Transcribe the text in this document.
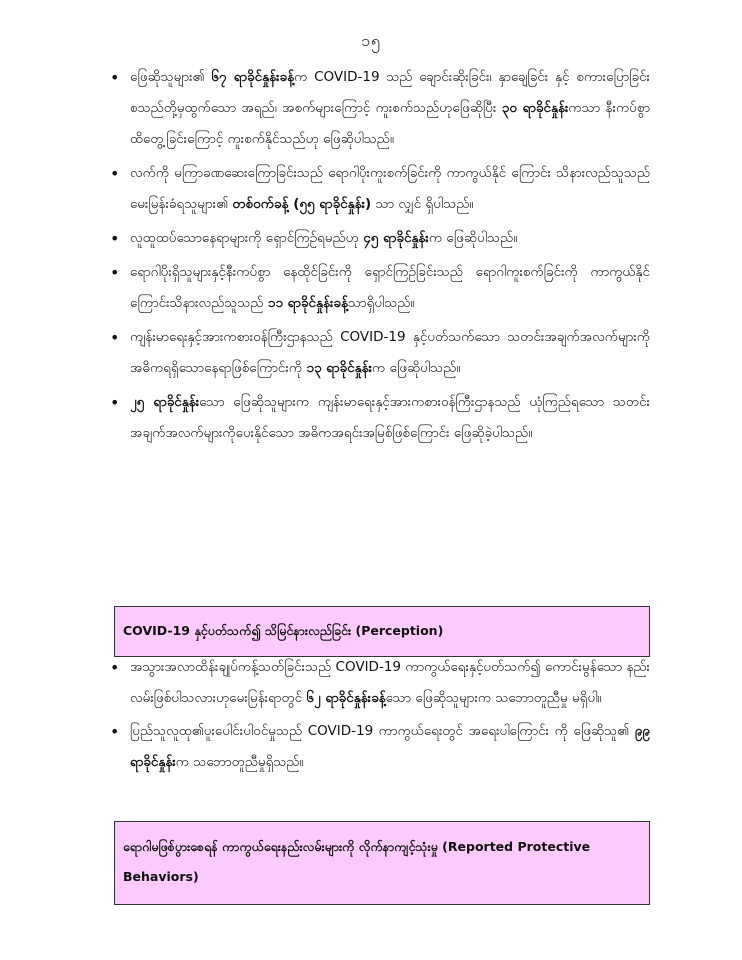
၁၅
• ဖြေဆိုသူများ၏ ၆၇ ရာခိုင်နှုန်းခန့်က COVID-19 သည် ချောင်းဆိုးခြင်း၊ နှာချေခြင်း နှင့် စကားပြောခြင်းစသည်တို့မှထွက်သော အရည်၊ အစက်များကြောင့် ကူးစက်သည်ဟုဖြေဆိုပြီး ၃၀ ရာခိုင်နှုန်းကသာ နီးကပ်စွာထိတွေ့ခြင်းကြောင့် ကူးစက်နိုင်သည်ဟု ဖြေဆိုပါသည်။
• လက်ကို မကြာခဏဆေးကြောခြင်းသည် ရောဂါပိုးကူးစက်ခြင်းကို ကာကွယ်နိုင် ကြောင်း သိနားလည်သူသည် မေးမြန်းခံရသူများ၏ တစ်ဝက်ခန့် (၅၅ ရာခိုင်နှုန်း) သာ လျှင် ရှိပါသည်။
• လူထူထပ်သောနေရာများကို ရှောင်ကြဉ်ရမည်ဟု ၄၅ ရာခိုင်နှုန်းက ဖြေဆိုပါသည်။
• ရောဂါပိုးရှိသူများနှင့်နီးကပ်စွာ နေထိုင်ခြင်းကို ရှောင်ကြဉ်ခြင်းသည် ရောဂါကူးစက်ခြင်းကို ကာကွယ်နိုင်ကြောင်းသိနားလည်သူသည် ၁၁ ရာခိုင်နှုန်းခန့်သာရှိပါသည်။
• ကျန်းမာရေးနှင့်အားကစားဝန်ကြီးဌာနသည် COVID-19 နှင့်ပတ်သက်သော သတင်းအချက်အလက်များကို အဓိကရရှိသောနေရာဖြစ်ကြောင်းကို ၁၃ ရာခိုင်နှုန်းက ဖြေဆိုပါသည်။
• ၂၅ ရာခိုင်နှုန်းသော ဖြေဆိုသူများက ကျန်းမာရေးနှင့်အားကစားဝန်ကြီးဌာနသည် ယုံကြည်ရသော သတင်းအချက်အလက်များကိုပေးနိုင်သော အဓိကအရင်းအမြစ်ဖြစ်ကြောင်း ဖြေဆိုခဲ့ပါသည်။
COVID-19 နှင့်ပတ်သက်၍ သိမြင်နားလည်ခြင်း (Perception)
• အသွားအလာထိန်းချုပ်ကန့်သတ်ခြင်းသည် COVID-19 ကာကွယ်ရေးနှင့်ပတ်သက်၍ ကောင်းမွန်သော နည်းလမ်းဖြစ်ပါသလားဟုမေးမြန်းရာတွင် ၆၂ ရာခိုင်နှုန်းခန့်သော ဖြေဆိုသူများက သဘောတူညီမှု မရှိပါ။
• ပြည်သူလူထု၏ပူးပေါင်းပါဝင်မှုသည် COVID-19 ကာကွယ်ရေးတွင် အရေးပါကြောင်း ကို ဖြေဆိုသူ၏ ၉၉ ရာခိုင်နှုန်းက သဘောတူညီမှုရှိသည်။
ရောဂါမဖြစ်ပွားစေရန် ကာကွယ်ရေးနည်းလမ်းများကို လိုက်နာကျင့်သုံးမှု (Reported Protective Behaviors)
